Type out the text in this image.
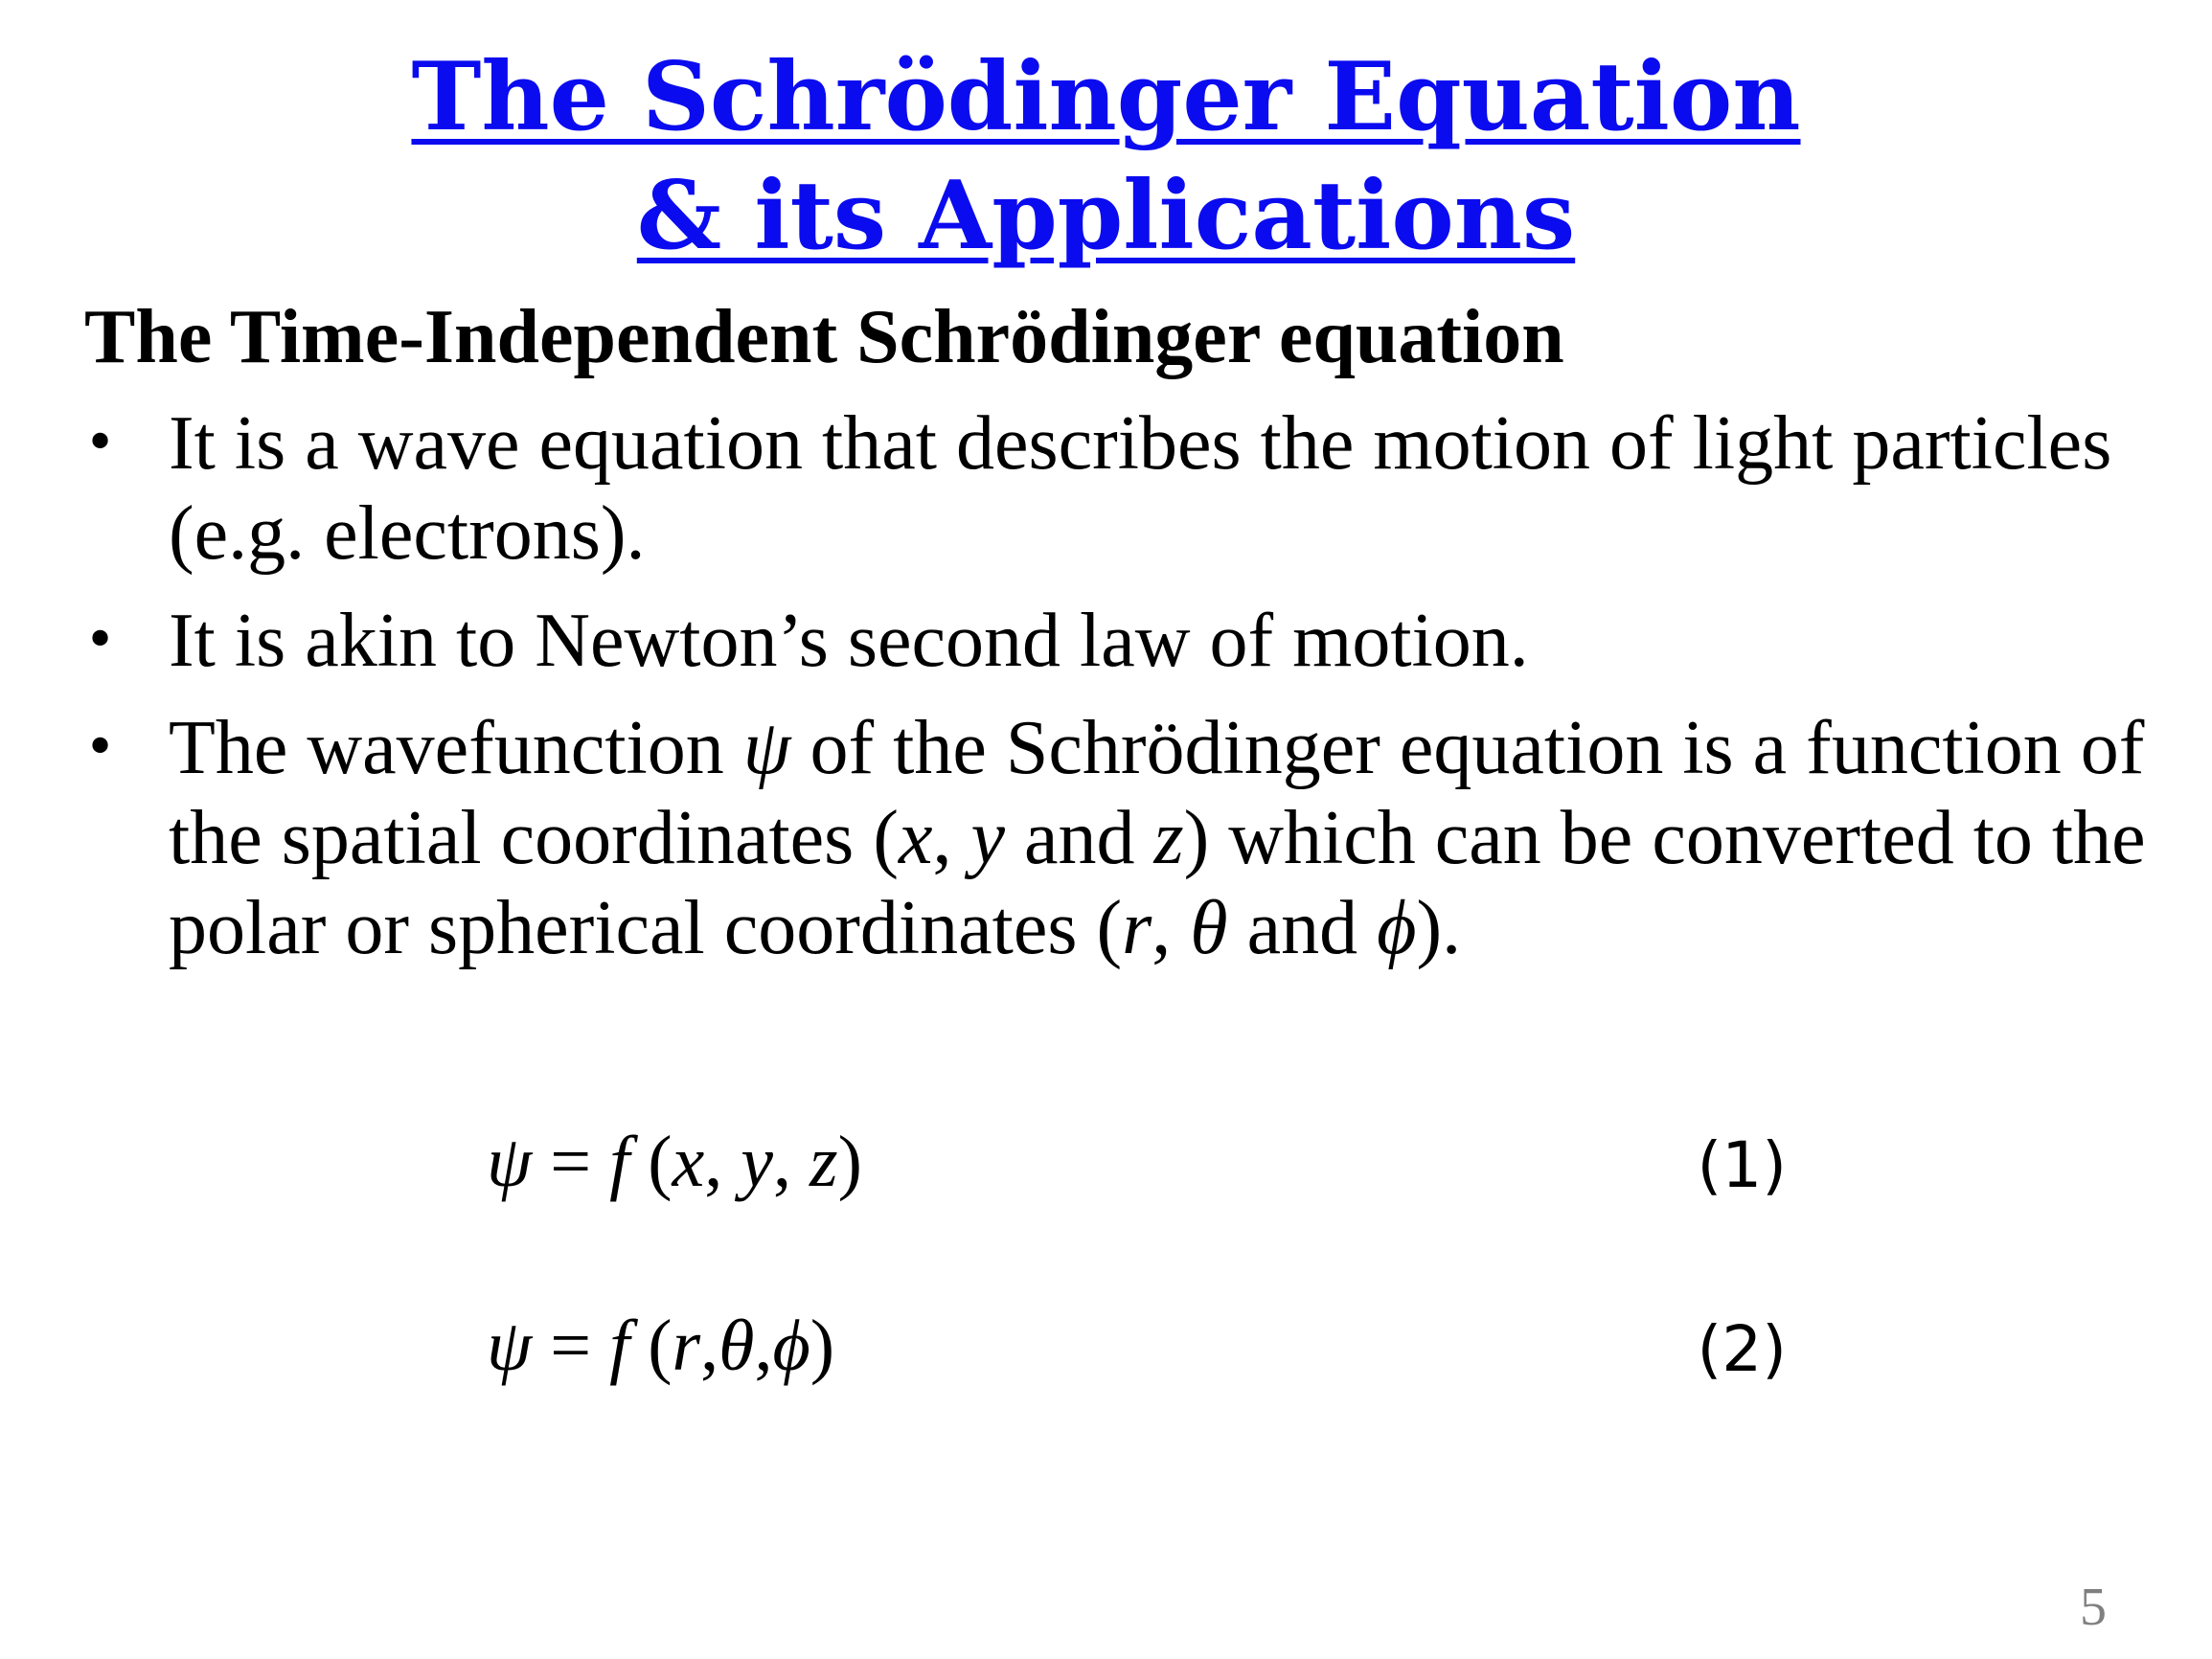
The Schrödinger Equation
& its Applications
The Time-Independent Schrödinger equation
• It is a wave equation that describes the motion of light particles (e.g. electrons).
• It is akin to Newton’s second law of motion.
• The wavefunction ψ of the Schrödinger equation is a function of the spatial coordinates (x, y and z) which can be converted to the polar or spherical coordinates (r, θ and ϕ).
ψ = f (x, y, z)	(1)
ψ = f (r,θ,ϕ)	(2)
5
